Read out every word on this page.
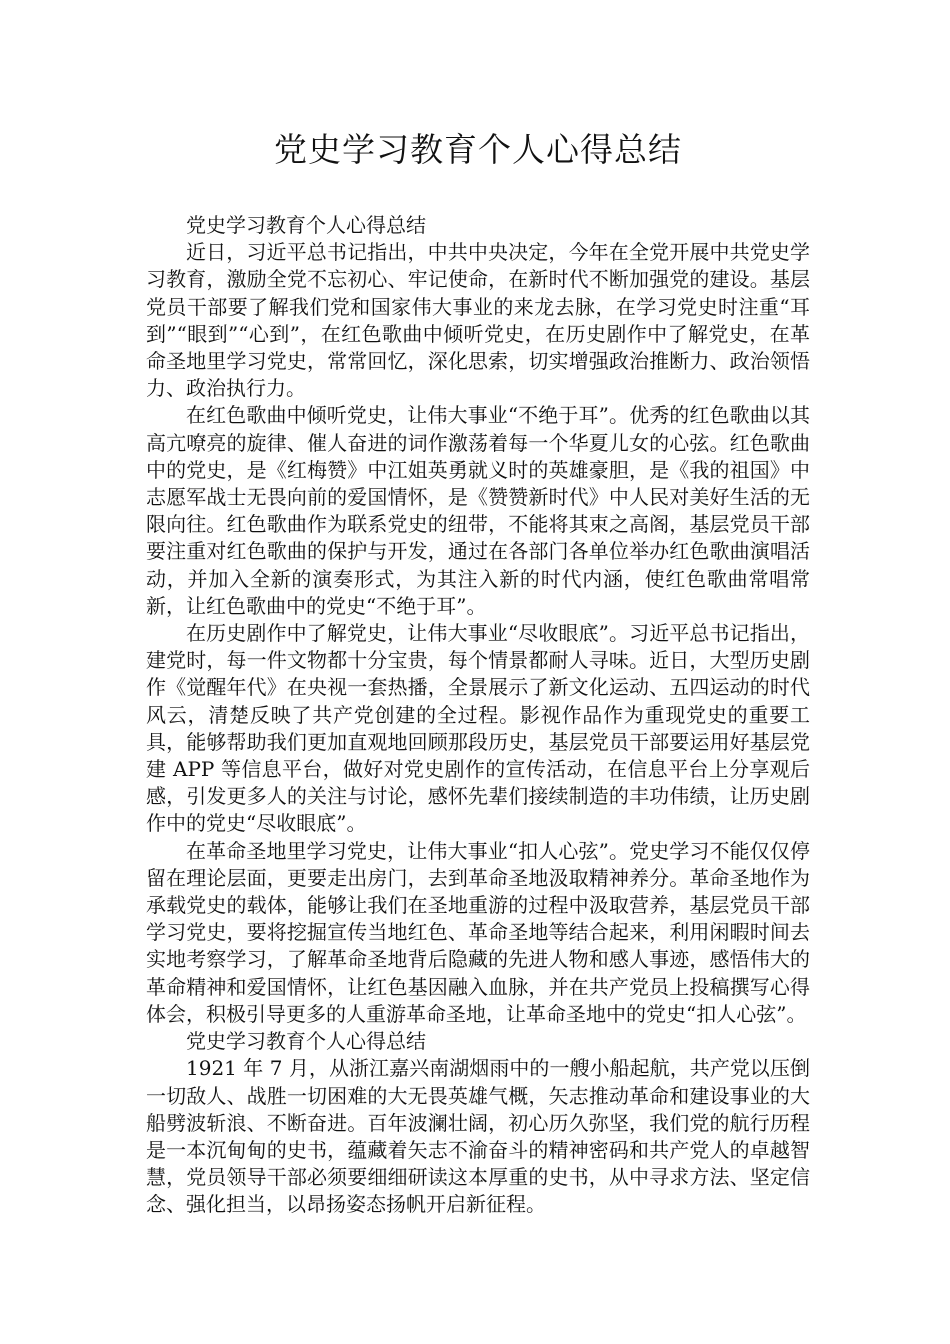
党史学习教育个人心得总结

党史学习教育个人心得总结

近日，习近平总书记指出，中共中央决定，今年在全党开展中共党史学习教育，激励全党不忘初心、牢记使命，在新时代不断加强党的建设。基层党员干部要了解我们党和国家伟大事业的来龙去脉，在学习党史时注重“耳到”“眼到”“心到”，在红色歌曲中倾听党史，在历史剧作中了解党史，在革命圣地里学习党史，常常回忆，深化思索，切实增强政治推断力、政治领悟力、政治执行力。

在红色歌曲中倾听党史，让伟大事业“不绝于耳”。优秀的红色歌曲以其高亢嘹亮的旋律、催人奋进的词作激荡着每一个华夏儿女的心弦。红色歌曲中的党史，是《红梅赞》中江姐英勇就义时的英雄豪胆，是《我的祖国》中志愿军战士无畏向前的爱国情怀，是《赞赞新时代》中人民对美好生活的无限向往。红色歌曲作为联系党史的纽带，不能将其束之高阁，基层党员干部要注重对红色歌曲的保护与开发，通过在各部门各单位举办红色歌曲演唱活动，并加入全新的演奏形式，为其注入新的时代内涵，使红色歌曲常唱常新，让红色歌曲中的党史“不绝于耳”。

在历史剧作中了解党史，让伟大事业“尽收眼底”。习近平总书记指出，建党时，每一件文物都十分宝贵，每个情景都耐人寻味。近日，大型历史剧作《觉醒年代》在央视一套热播，全景展示了新文化运动、五四运动的时代风云，清楚反映了共产党创建的全过程。影视作品作为重现党史的重要工具，能够帮助我们更加直观地回顾那段历史，基层党员干部要运用好基层党建 APP 等信息平台，做好对党史剧作的宣传活动，在信息平台上分享观后感，引发更多人的关注与讨论，感怀先辈们接续制造的丰功伟绩，让历史剧作中的党史“尽收眼底”。

在革命圣地里学习党史，让伟大事业“扣人心弦”。党史学习不能仅仅停留在理论层面，更要走出房门，去到革命圣地汲取精神养分。革命圣地作为承载党史的载体，能够让我们在圣地重游的过程中汲取营养，基层党员干部学习党史，要将挖掘宣传当地红色、革命圣地等结合起来，利用闲暇时间去实地考察学习，了解革命圣地背后隐藏的先进人物和感人事迹，感悟伟大的革命精神和爱国情怀，让红色基因融入血脉，并在共产党员上投稿撰写心得体会，积极引导更多的人重游革命圣地，让革命圣地中的党史“扣人心弦”。

党史学习教育个人心得总结

1921 年 7 月，从浙江嘉兴南湖烟雨中的一艘小船起航，共产党以压倒一切敌人、战胜一切困难的大无畏英雄气概，矢志推动革命和建设事业的大船劈波斩浪、不断奋进。百年波澜壮阔，初心历久弥坚，我们党的航行历程是一本沉甸甸的史书，蕴藏着矢志不渝奋斗的精神密码和共产党人的卓越智慧，党员领导干部必须要细细研读这本厚重的史书，从中寻求方法、坚定信念、强化担当，以昂扬姿态扬帆开启新征程。
